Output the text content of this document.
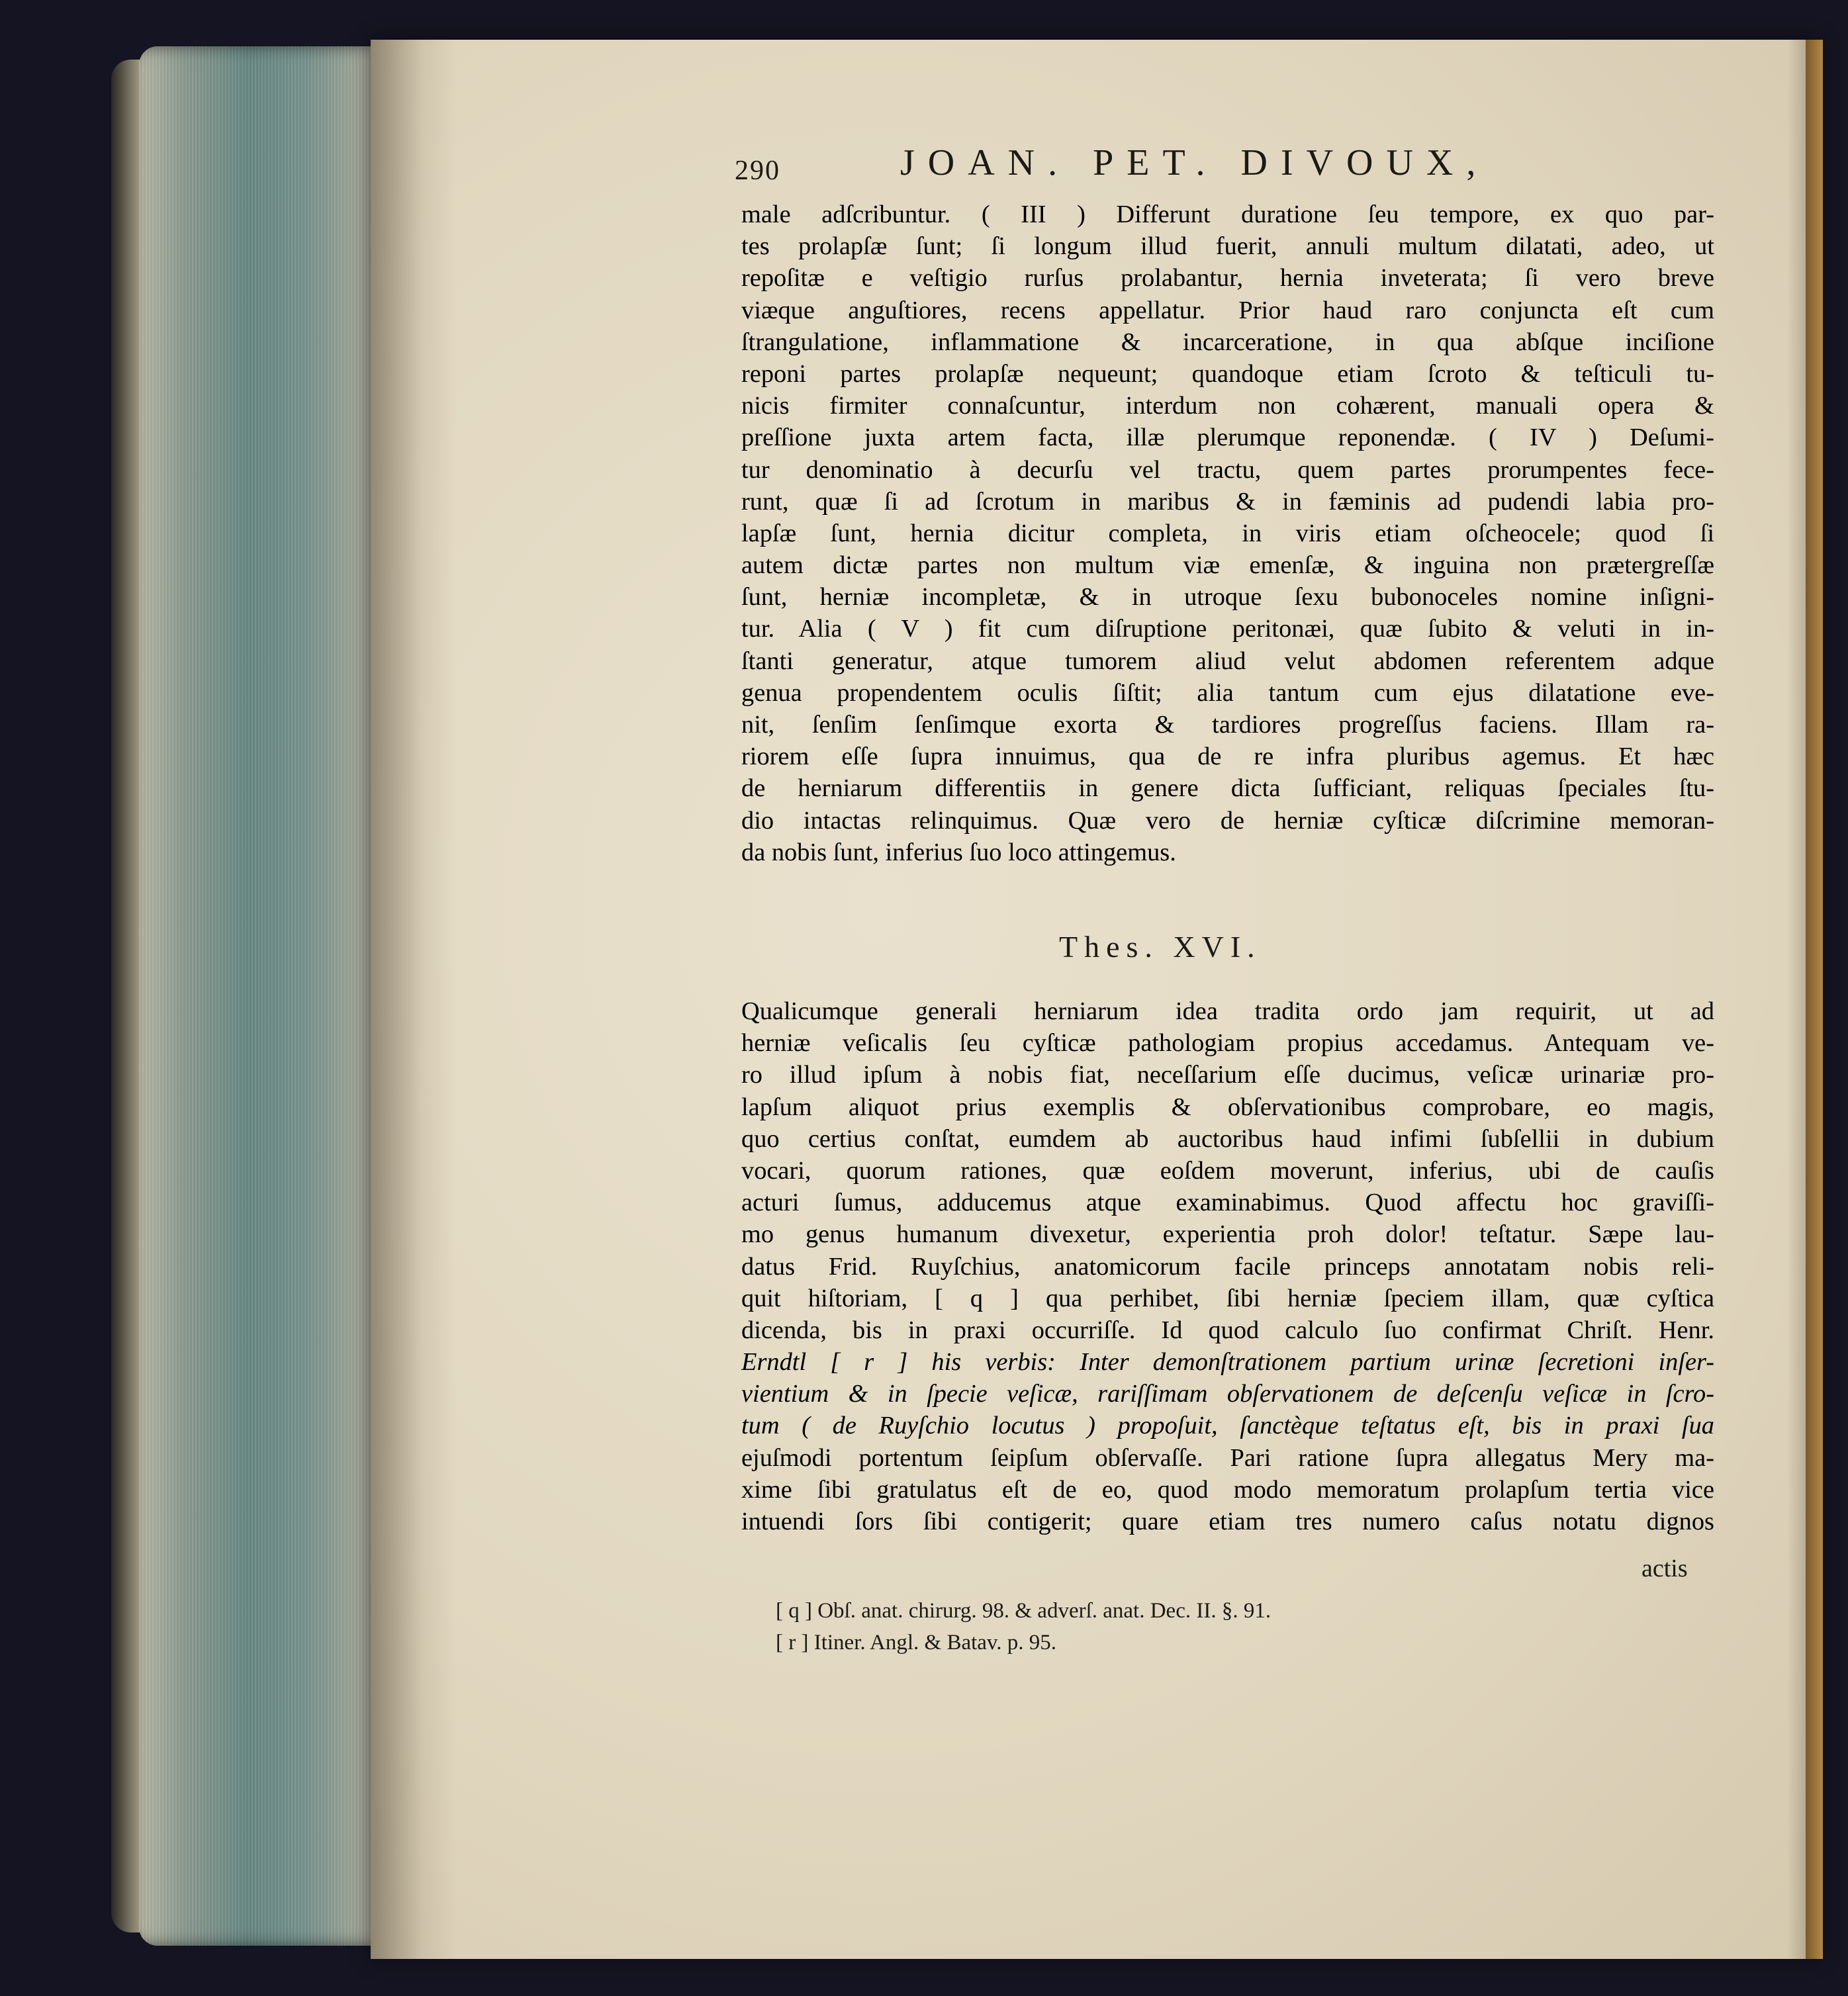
290	JOAN. PET. DIVOUX,
male adſcribuntur. ( III ) Differunt duratione ſeu tempore, ex quo par-
tes prolapſæ ſunt; ſi longum illud fuerit, annuli multum dilatati, adeo, ut
repoſitæ e veſtigio rurſus prolabantur, hernia inveterata; ſi vero breve
viæque anguſtiores, recens appellatur. Prior haud raro conjuncta eſt cum
ſtrangulatione, inflammatione & incarceratione, in qua abſque inciſione
reponi partes prolapſæ nequeunt; quandoque etiam ſcroto & teſticuli tu-
nicis firmiter connaſcuntur, interdum non cohærent, manuali opera &
preſſione juxta artem facta, illæ plerumque reponendæ. ( IV ) Deſumi-
tur denominatio à decurſu vel tractu, quem partes prorumpentes fece-
runt, quæ ſi ad ſcrotum in maribus & in fæminis ad pudendi labia pro-
lapſæ ſunt, hernia dicitur completa, in viris etiam oſcheocele; quod ſi
autem dictæ partes non multum viæ emenſæ, & inguina non prætergreſſæ
ſunt, herniæ incompletæ, & in utroque ſexu bubonoceles nomine inſigni-
tur. Alia ( V ) fit cum diſruptione peritonæi, quæ ſubito & veluti in in-
ſtanti generatur, atque tumorem aliud velut abdomen referentem adque
genua propendentem oculis ſiſtit; alia tantum cum ejus dilatatione eve-
nit, ſenſim ſenſimque exorta & tardiores progreſſus faciens. Illam ra-
riorem eſſe ſupra innuimus, qua de re infra pluribus agemus. Et hæc
de herniarum differentiis in genere dicta ſufficiant, reliquas ſpeciales ſtu-
dio intactas relinquimus. Quæ vero de herniæ cyſticæ diſcrimine memoran-
da nobis ſunt, inferius ſuo loco attingemus.
Thes. XVI.
Qualicumque generali herniarum idea tradita ordo jam requirit, ut ad
herniæ veſicalis ſeu cyſticæ pathologiam propius accedamus. Antequam ve-
ro illud ipſum à nobis fiat, neceſſarium eſſe ducimus, veſicæ urinariæ pro-
lapſum aliquot prius exemplis & obſervationibus comprobare, eo magis,
quo certius conſtat, eumdem ab auctoribus haud infimi ſubſellii in dubium
vocari, quorum rationes, quæ eoſdem moverunt, inferius, ubi de cauſis
acturi ſumus, adducemus atque examinabimus. Quod affectu hoc graviſſi-
mo genus humanum divexetur, experientia proh dolor! teſtatur. Sæpe lau-
datus Frid. Ruyſchius, anatomicorum facile princeps annotatam nobis reli-
quit hiſtoriam, [ q ] qua perhibet, ſibi herniæ ſpeciem illam, quæ cyſtica
dicenda, bis in praxi occurriſſe. Id quod calculo ſuo confirmat Chriſt. Henr.
Erndtl [ r ] his verbis: Inter demonſtrationem partium urinæ ſecretioni inſer-
vientium & in ſpecie veſicæ, rariſſimam obſervationem de deſcenſu veſicæ in ſcro-
tum ( de Ruyſchio locutus ) propoſuit, ſanctèque teſtatus eſt, bis in praxi ſua
ejuſmodi portentum ſeipſum obſervaſſe. Pari ratione ſupra allegatus Mery ma-
xime ſibi gratulatus eſt de eo, quod modo memoratum prolapſum tertia vice
intuendi ſors ſibi contigerit; quare etiam tres numero caſus notatu dignos
actis
[ q ] Obſ. anat. chirurg. 98. & adverſ. anat. Dec. II. §. 91.
[ r ] Itiner. Angl. & Batav. p. 95.
